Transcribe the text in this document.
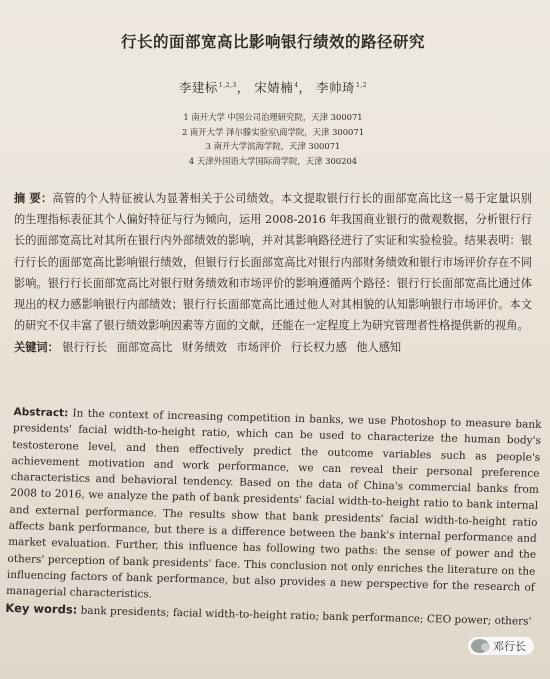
行长的面部宽高比影响银行绩效的路径研究
李建标$^{1,2,3}$， 宋婧楠$^4$， 李帅琦$^{1,2}$
1 南开大学 中国公司治理研究院，天津 300071
2 南开大学 泽尔滕实验室\商学院，天津 300071
3 南开大学滨海学院，天津 300071
4 天津外国语大学国际商学院，天津 300204
摘 要：高管的个人特征被认为显著相关于公司绩效。本文提取银行行长的面部宽高比这一易于定量识别的生理指标表征其个人偏好特征与行为倾向，运用 2008-2016 年我国商业银行的微观数据，分析银行行长的面部宽高比对其所在银行内外部绩效的影响，并对其影响路径进行了实证和实验检验。结果表明：银行行长的面部宽高比影响银行绩效，但银行行长面部宽高比对银行内部财务绩效和银行市场评价存在不同影响。银行行长面部宽高比对银行财务绩效和市场评价的影响遵循两个路径：银行行长面部宽高比通过体现出的权力感影响银行内部绩效；银行行长面部宽高比通过他人对其相貌的认知影响银行市场评价。本文的研究不仅丰富了银行绩效影响因素等方面的文献，还能在一定程度上为研究管理者性格提供新的视角。
关键词： 银行行长 面部宽高比 财务绩效 市场评价 行长权力感 他人感知
Abstract: In the context of increasing competition in banks, we use Photoshop to measure bank presidents' facial width-to-height ratio, which can be used to characterize the human body's testosterone level, and then effectively predict the outcome variables such as people's achievement motivation and work performance, we can reveal their personal preference characteristics and behavioral tendency. Based on the data of China's commercial banks from 2008 to 2016, we analyze the path of bank presidents' facial width-to-height ratio to bank internal and external performance. The results show that bank presidents' facial width-to-height ratio affects bank performance, but there is a difference between the bank's internal performance and market evaluation. Further, this influence has following two paths: the sense of power and the others' perception of bank presidents' face. This conclusion not only enriches the literature on the influencing factors of bank performance, but also provides a new perspective for the research of managerial characteristics.
Key words: bank presidents; facial width-to-height ratio; bank performance; CEO power; others'
邓行长
